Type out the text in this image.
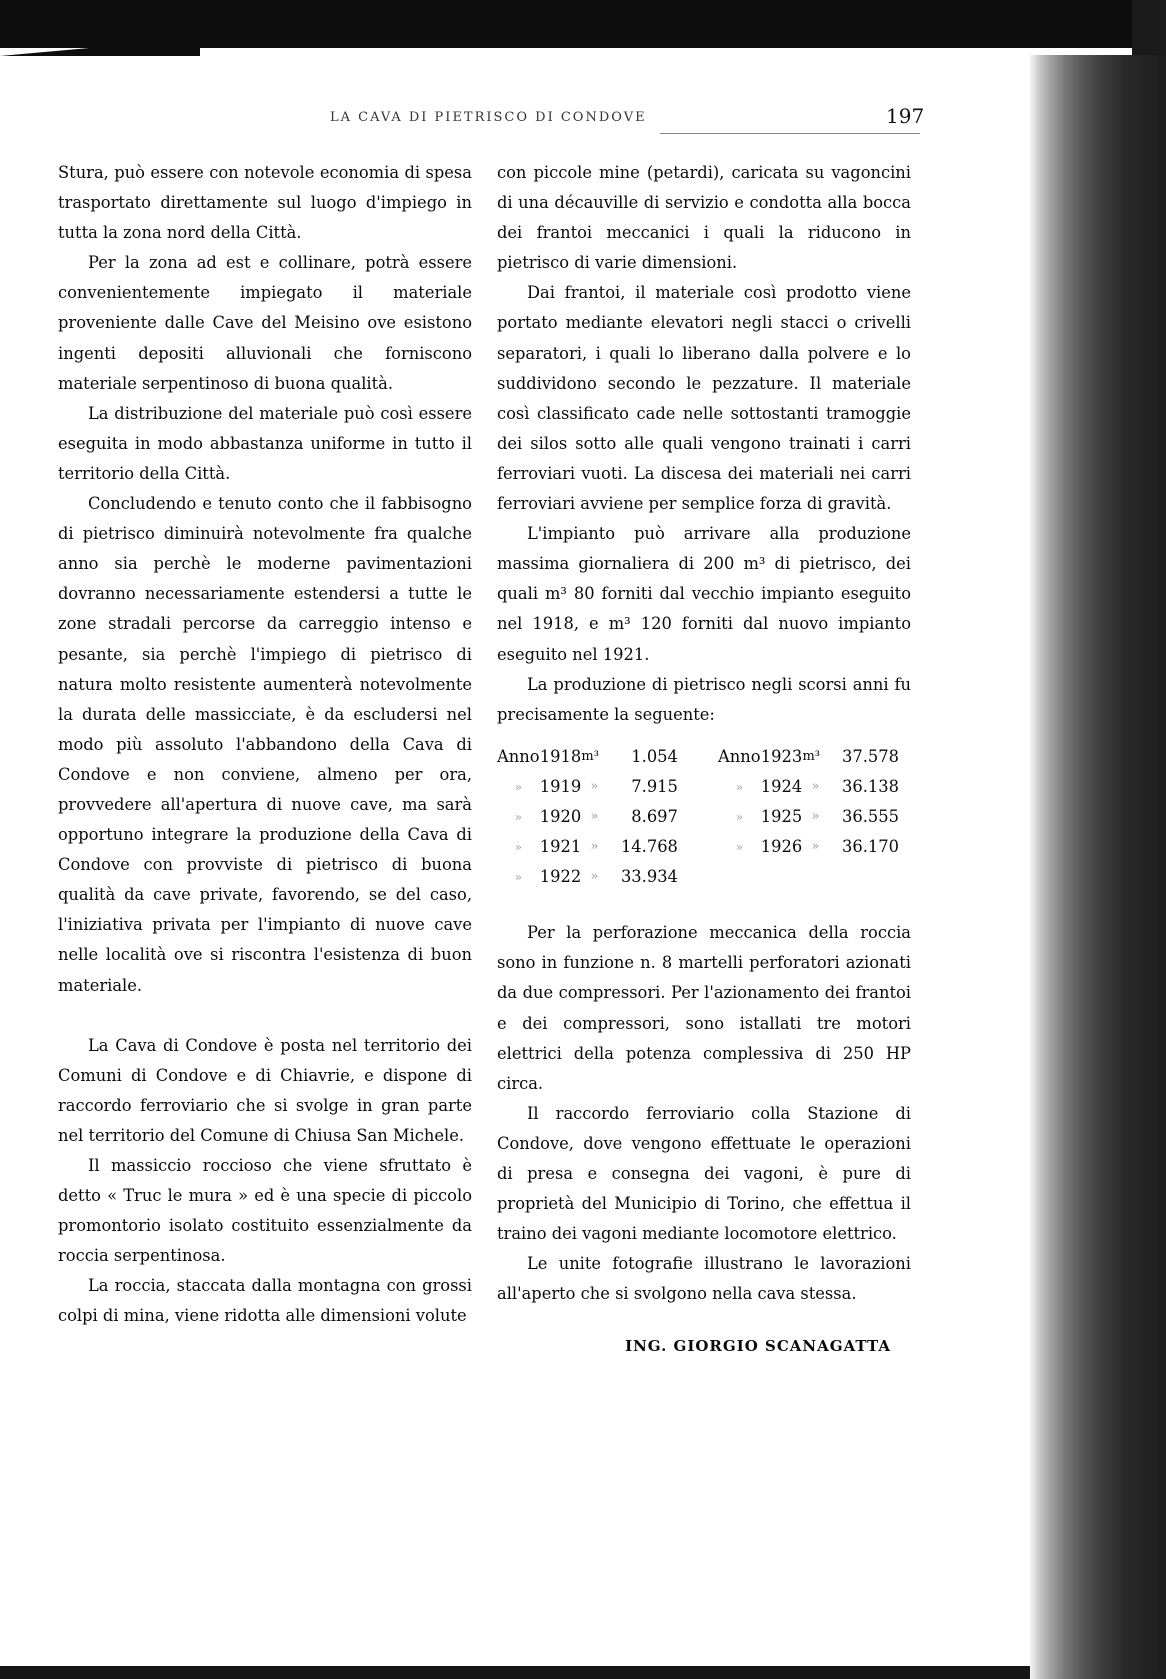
LA CAVA DI PIETRISCO DI CONDOVE	197

Stura, può essere con notevole economia di spesa trasportato direttamente sul luogo d'impiego in tutta la zona nord della Città.

Per la zona ad est e collinare, potrà essere convenientemente impiegato il materiale proveniente dalle Cave del Meisino ove esistono ingenti depositi alluvionali che forniscono materiale serpentinoso di buona qualità.

La distribuzione del materiale può così essere eseguita in modo abbastanza uniforme in tutto il territorio della Città.

Concludendo e tenuto conto che il fabbisogno di pietrisco diminuirà notevolmente fra qualche anno sia perchè le moderne pavimentazioni dovranno necessariamente estendersi a tutte le zone stradali percorse da carreggio intenso e pesante, sia perchè l'impiego di pietrisco di natura molto resistente aumenterà notevolmente la durata delle massicciate, è da escludersi nel modo più assoluto l'abbandono della Cava di Condove e non conviene, almeno per ora, provvedere all'apertura di nuove cave, ma sarà opportuno integrare la produzione della Cava di Condove con provviste di pietrisco di buona qualità da cave private, favorendo, se del caso, l'iniziativa privata per l'impianto di nuove cave nelle località ove si riscontra l'esistenza di buon materiale.

La Cava di Condove è posta nel territorio dei Comuni di Condove e di Chiavrie, e dispone di raccordo ferroviario che si svolge in gran parte nel territorio del Comune di Chiusa San Michele.

Il massiccio roccioso che viene sfruttato è detto « Truc le mura » ed è una specie di piccolo promontorio isolato costituito essenzialmente da roccia serpentinosa.

La roccia, staccata dalla montagna con grossi colpi di mina, viene ridotta alle dimensioni volute

con piccole mine (petardi), caricata su vagoncini di una décauville di servizio e condotta alla bocca dei frantoi meccanici i quali la riducono in pietrisco di varie dimensioni.

Dai frantoi, il materiale così prodotto viene portato mediante elevatori negli stacci o crivelli separatori, i quali lo liberano dalla polvere e lo suddividono secondo le pezzature. Il materiale così classificato cade nelle sottostanti tramoggie dei silos sotto alle quali vengono trainati i carri ferroviari vuoti. La discesa dei materiali nei carri ferroviari avviene per semplice forza di gravità.

L'impianto può arrivare alla produzione massima giornaliera di 200 m³ di pietrisco, dei quali m³ 80 forniti dal vecchio impianto eseguito nel 1918, e m³ 120 forniti dal nuovo impianto eseguito nel 1921.

La produzione di pietrisco negli scorsi anni fu precisamente la seguente:

Anno	1918	m³	1.054		Anno	1923	m³	37.578
»	1919	»	7.915		»	1924	»	36.138
»	1920	»	8.697		»	1925	»	36.555
»	1921	»	14.768		»	1926	»	36.170
»	1922	»	33.934					

Per la perforazione meccanica della roccia sono in funzione n. 8 martelli perforatori azionati da due compressori. Per l'azionamento dei frantoi e dei compressori, sono istallati tre motori elettrici della potenza complessiva di 250 HP circa.

Il raccordo ferroviario colla Stazione di Condove, dove vengono effettuate le operazioni di presa e consegna dei vagoni, è pure di proprietà del Municipio di Torino, che effettua il traino dei vagoni mediante locomotore elettrico.

Le unite fotografie illustrano le lavorazioni all'aperto che si svolgono nella cava stessa.

ING. GIORGIO SCANAGATTA
